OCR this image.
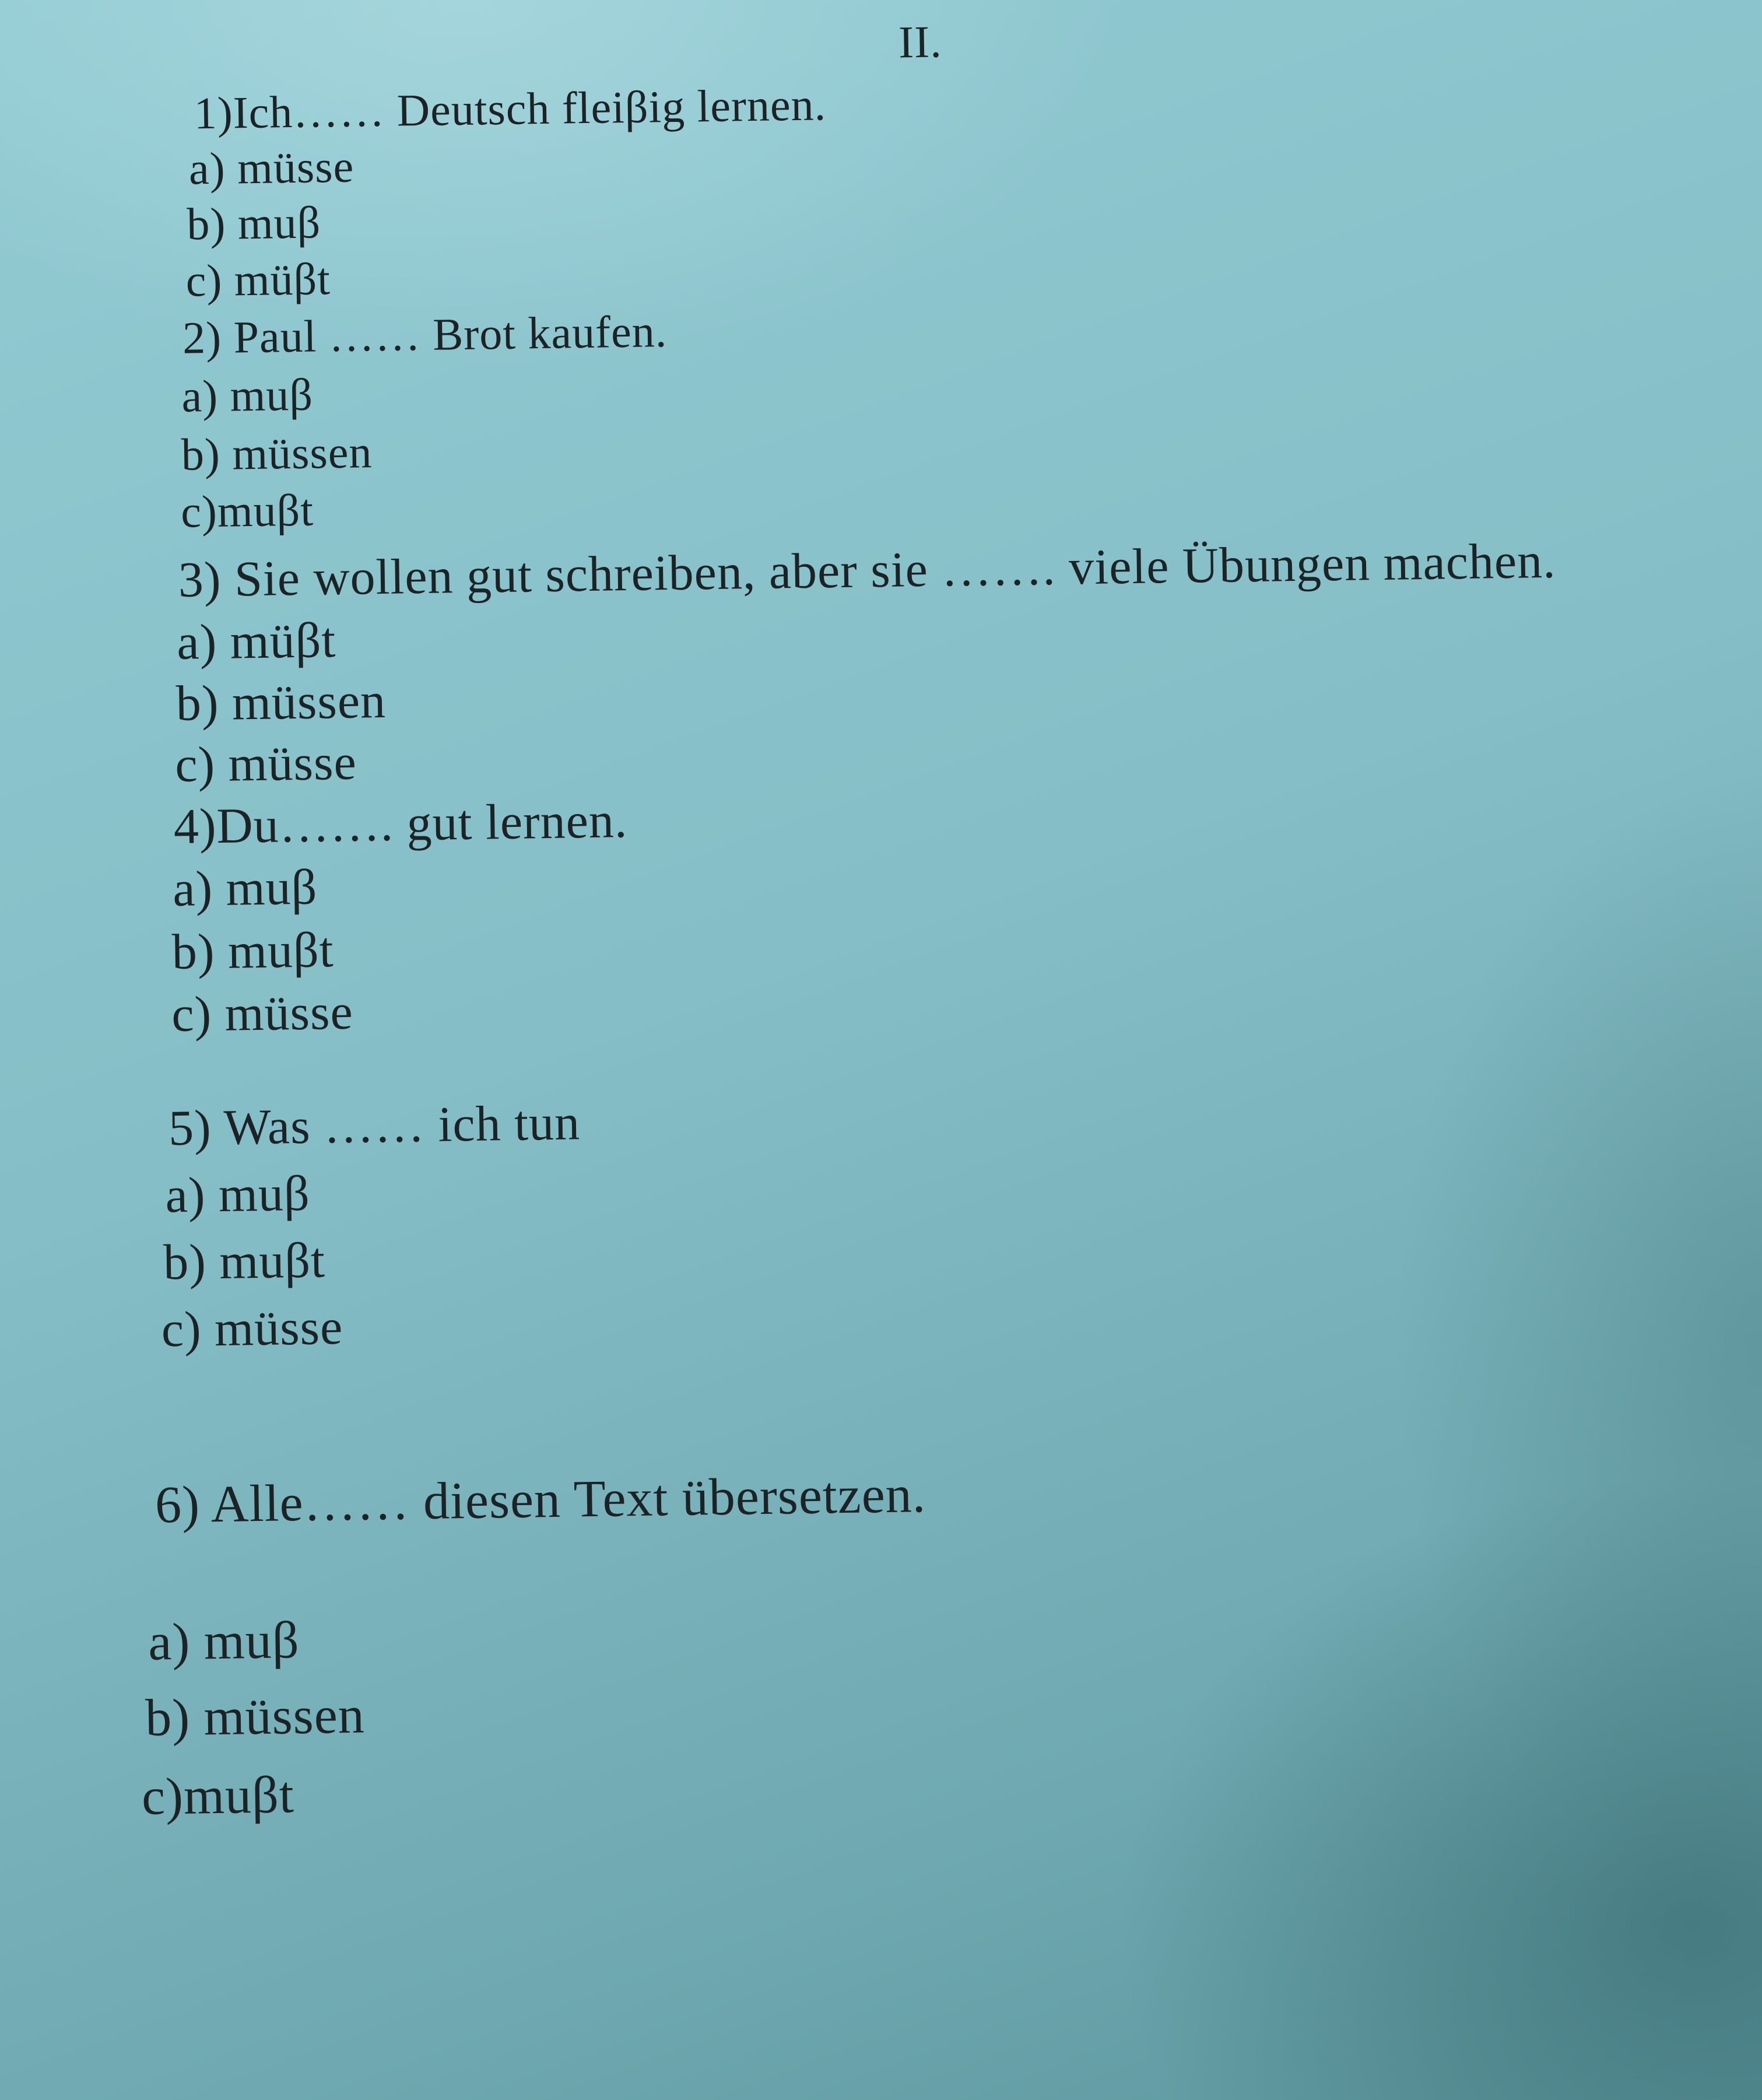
II.
1)Ich…… Deutsch fleiβig lernen.
a) müsse
b) muβ
c) müβt
2) Paul …… Brot kaufen.
a) muβ
b) müssen
c)muβt
3) Sie wollen gut schreiben, aber sie ……. viele Übungen machen.
a) müβt
b) müssen
c) müsse
4)Du……. gut lernen.
a) muβ
b) muβt
c) müsse
5) Was …… ich tun
a) muβ
b) muβt
c) müsse
6) Alle…… diesen Text übersetzen.
a) muβ
b) müssen
c)muβt
